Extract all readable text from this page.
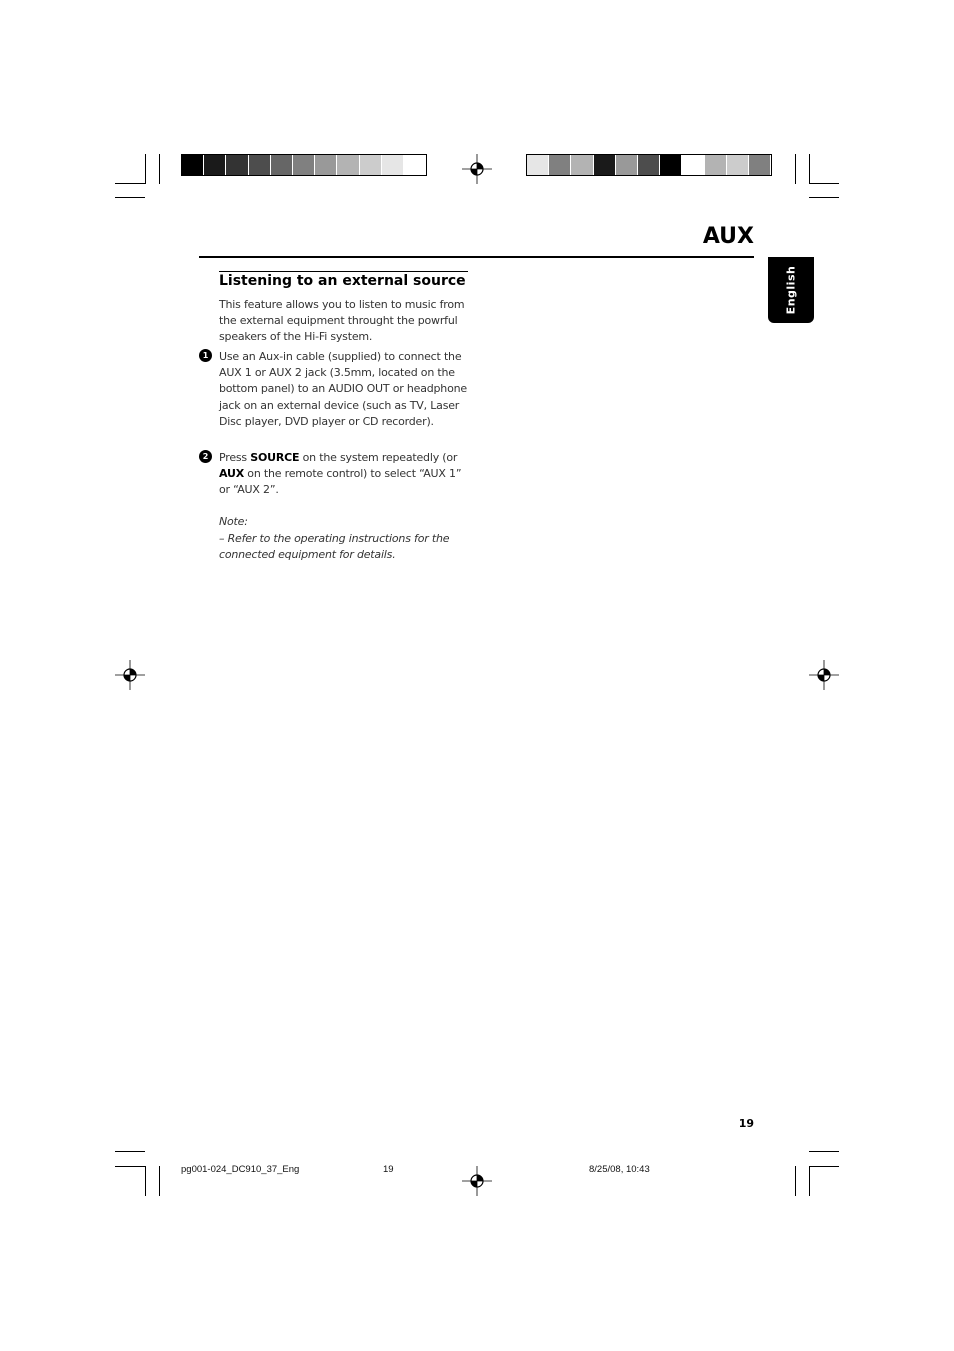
AUX
English
Listening to an external source
This feature allows you to listen to music from the external equipment throught the powrful speakers of the Hi-Fi system.
1 Use an Aux-in cable (supplied) to connect the AUX 1 or AUX 2 jack (3.5mm, located on the bottom panel) to an AUDIO OUT or headphone jack on an external device (such as TV, Laser Disc player, DVD player or CD recorder).
2 Press SOURCE on the system repeatedly (or AUX on the remote control) to select “AUX 1” or “AUX 2”.
Note:
– Refer to the operating instructions for the connected equipment for details.
19
pg001-024_DC910_37_Eng	19	8/25/08, 10:43
